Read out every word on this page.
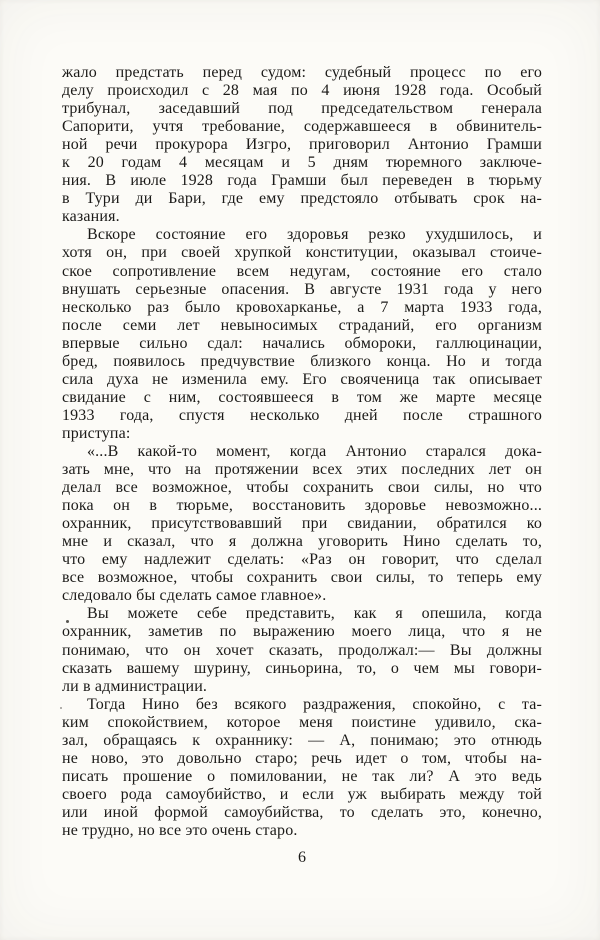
жало предстать перед судом: судебный процесс по его
делу происходил с 28 мая по 4 июня 1928 года. Особый
трибунал, заседавший под председательством генерала
Сапорити, учтя требование, содержавшееся в обвинитель-
ной речи прокурора Изгро, приговорил Антонио Грамши
к 20 годам 4 месяцам и 5 дням тюремного заключе-
ния. В июле 1928 года Грамши был переведен в тюрьму
в Тури ди Бари, где ему предстояло отбывать срок на-
казания.
Вскоре состояние его здоровья резко ухудшилось, и
хотя он, при своей хрупкой конституции, оказывал стоиче-
ское сопротивление всем недугам, состояние его стало
внушать серьезные опасения. В августе 1931 года у него
несколько раз было кровохарканье, а 7 марта 1933 года,
после семи лет невыносимых страданий, его организм
впервые сильно сдал: начались обмороки, галлюцинации,
бред, появилось предчувствие близкого конца. Но и тогда
сила духа не изменила ему. Его свояченица так описывает
свидание с ним, состоявшееся в том же марте месяце
1933 года, спустя несколько дней после страшного
приступа:
«...В какой-то момент, когда Антонио старался дока-
зать мне, что на протяжении всех этих последних лет он
делал все возможное, чтобы сохранить свои силы, но что
пока он в тюрьме, восстановить здоровье невозможно...
охранник, присутствовавший при свидании, обратился ко
мне и сказал, что я должна уговорить Нино сделать то,
что ему надлежит сделать: «Раз он говорит, что сделал
все возможное, чтобы сохранить свои силы, то теперь ему
следовало бы сделать самое главное».
Вы можете себе представить, как я опешила, когда
охранник, заметив по выражению моего лица, что я не
понимаю, что он хочет сказать, продолжал:— Вы должны
сказать вашему шурину, синьорина, то, о чем мы говори-
ли в администрации.
Тогда Нино без всякого раздражения, спокойно, с та-
ким спокойствием, которое меня поистине удивило, ска-
зал, обращаясь к охраннику: — А, понимаю; это отнюдь
не ново, это довольно старо; речь идет о том, чтобы на-
писать прошение о помиловании, не так ли? А это ведь
своего рода самоубийство, и если уж выбирать между той
или иной формой самоубийства, то сделать это, конечно,
не трудно, но все это очень старо.
6
